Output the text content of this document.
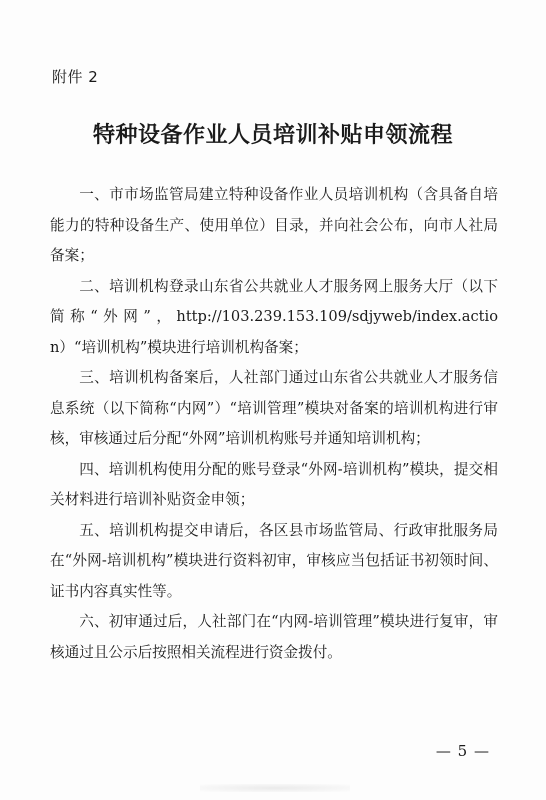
附件 2
特种设备作业人员培训补贴申领流程

一、市市场监管局建立特种设备作业人员培训机构（含具备自培能力的特种设备生产、使用单位）目录，并向社会公布，向市人社局备案；

二、培训机构登录山东省公共就业人才服务网上服务大厅（以下简称“外网”，http://103.239.153.109/sdjyweb/index.action）“培训机构”模块进行培训机构备案；

三、培训机构备案后，人社部门通过山东省公共就业人才服务信息系统（以下简称“内网”）“培训管理”模块对备案的培训机构进行审核，审核通过后分配“外网”培训机构账号并通知培训机构；

四、培训机构使用分配的账号登录“外网-培训机构”模块，提交相关材料进行培训补贴资金申领；

五、培训机构提交申请后，各区县市场监管局、行政审批服务局在“外网-培训机构”模块进行资料初审，审核应当包括证书初领时间、证书内容真实性等。

六、初审通过后，人社部门在“内网-培训管理”模块进行复审，审核通过且公示后按照相关流程进行资金拨付。

— 5 —
